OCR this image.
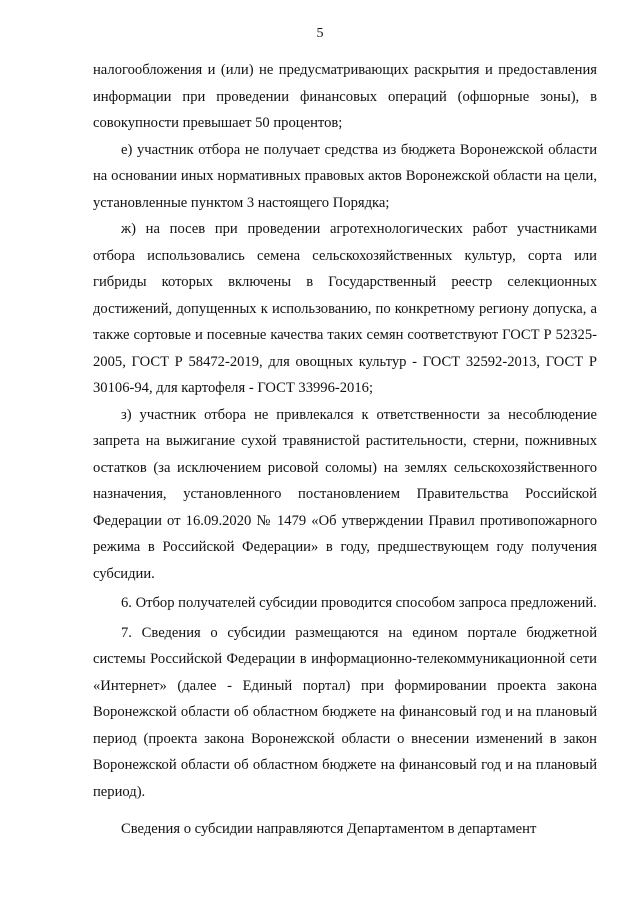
5

налогообложения и (или) не предусматривающих раскрытия и предоставления информации при проведении финансовых операций (офшорные зоны), в совокупности превышает 50 процентов;

е) участник отбора не получает средства из бюджета Воронежской области на основании иных нормативных правовых актов Воронежской области на цели, установленные пунктом 3 настоящего Порядка;

ж) на посев при проведении агротехнологических работ участниками отбора использовались семена сельскохозяйственных культур, сорта или гибриды которых включены в Государственный реестр селекционных достижений, допущенных к использованию, по конкретному региону допуска, а также сортовые и посевные качества таких семян соответствуют ГОСТ Р 52325-2005, ГОСТ Р 58472-2019, для овощных культур - ГОСТ 32592-2013, ГОСТ Р 30106-94, для картофеля - ГОСТ 33996-2016;

з) участник отбора не привлекался к ответственности за несоблюдение запрета на выжигание сухой травянистой растительности, стерни, пожнивных остатков (за исключением рисовой соломы) на землях сельскохозяйственного назначения, установленного постановлением Правительства Российской Федерации от 16.09.2020 № 1479 «Об утверждении Правил противопожарного режима в Российской Федерации» в году, предшествующем году получения субсидии.

6. Отбор получателей субсидии проводится способом запроса предложений.

7. Сведения о субсидии размещаются на едином портале бюджетной системы Российской Федерации в информационно-телекоммуникационной сети «Интернет» (далее - Единый портал) при формировании проекта закона Воронежской области об областном бюджете на финансовый год и на плановый период (проекта закона Воронежской области о внесении изменений в закон Воронежской области об областном бюджете на финансовый год и на плановый период).

Сведения о субсидии направляются Департаментом в департамент
